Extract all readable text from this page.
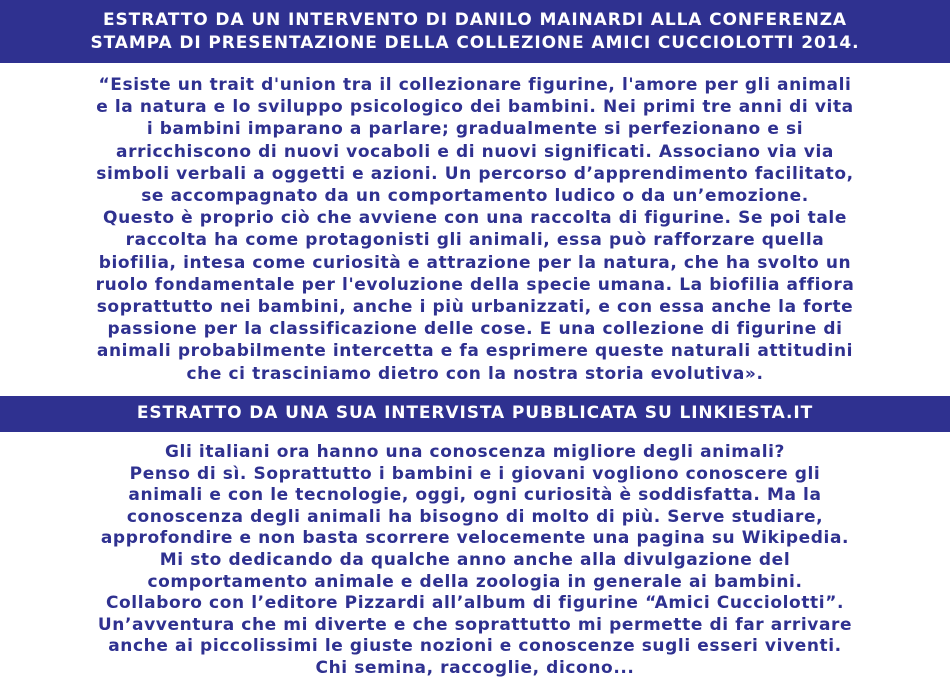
ESTRATTO DA UN INTERVENTO DI DANILO MAINARDI ALLA CONFERENZA
STAMPA DI PRESENTAZIONE DELLA COLLEZIONE AMICI CUCCIOLOTTI 2014.
“Esiste un trait d'union tra il collezionare figurine, l'amore per gli animali
e la natura e lo sviluppo psicologico dei bambini. Nei primi tre anni di vita
i bambini imparano a parlare; gradualmente si perfezionano e si
arricchiscono di nuovi vocaboli e di nuovi significati. Associano via via
simboli verbali a oggetti e azioni. Un percorso d’apprendimento facilitato,
se accompagnato da un comportamento ludico o da un’emozione.
Questo è proprio ciò che avviene con una raccolta di figurine. Se poi tale
raccolta ha come protagonisti gli animali, essa può rafforzare quella
biofilia, intesa come curiosità e attrazione per la natura, che ha svolto un
ruolo fondamentale per l'evoluzione della specie umana. La biofilia affiora
soprattutto nei bambini, anche i più urbanizzati, e con essa anche la forte
passione per la classificazione delle cose. E una collezione di figurine di
animali probabilmente intercetta e fa esprimere queste naturali attitudini
che ci trasciniamo dietro con la nostra storia evolutiva».
ESTRATTO DA UNA SUA INTERVISTA PUBBLICATA SU LINKIESTA.IT
Gli italiani ora hanno una conoscenza migliore degli animali?
Penso di sì. Soprattutto i bambini e i giovani vogliono conoscere gli
animali e con le tecnologie, oggi, ogni curiosità è soddisfatta. Ma la
conoscenza degli animali ha bisogno di molto di più. Serve studiare,
approfondire e non basta scorrere velocemente una pagina su Wikipedia.
Mi sto dedicando da qualche anno anche alla divulgazione del
comportamento animale e della zoologia in generale ai bambini.
Collaboro con l’editore Pizzardi all’album di figurine “Amici Cucciolotti”.
Un’avventura che mi diverte e che soprattutto mi permette di far arrivare
anche ai piccolissimi le giuste nozioni e conoscenze sugli esseri viventi.
Chi semina, raccoglie, dicono...
